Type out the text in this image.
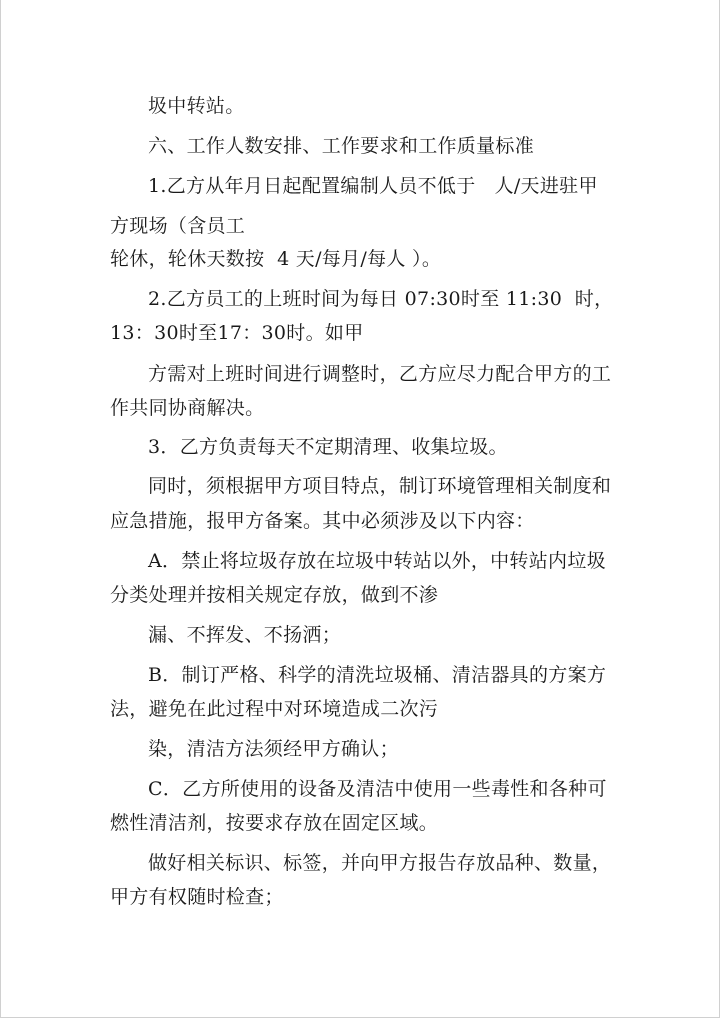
圾中转站。
六、工作人数安排、工作要求和工作质量标准
1.乙方从年月日起配置编制人员不低于   人/天进驻甲
方现场（含员工
轮休，轮休天数按  4 天/每月/每人 ）。
2.乙方员工的上班时间为每日 07:30时至 11:30  时，
13：30时至17：30时。如甲
方需对上班时间进行调整时，乙方应尽力配合甲方的工
作共同协商解决。
3．乙方负责每天不定期清理、收集垃圾。
同时，须根据甲方项目特点，制订环境管理相关制度和
应急措施，报甲方备案。其中必须涉及以下内容：
A．禁止将垃圾存放在垃圾中转站以外，中转站内垃圾
分类处理并按相关规定存放，做到不渗
漏、不挥发、不扬洒；
B．制订严格、科学的清洗垃圾桶、清洁器具的方案方
法，避免在此过程中对环境造成二次污
染，清洁方法须经甲方确认；
C．乙方所使用的设备及清洁中使用一些毒性和各种可
燃性清洁剂，按要求存放在固定区域。
做好相关标识、标签，并向甲方报告存放品种、数量，
甲方有权随时检查；
